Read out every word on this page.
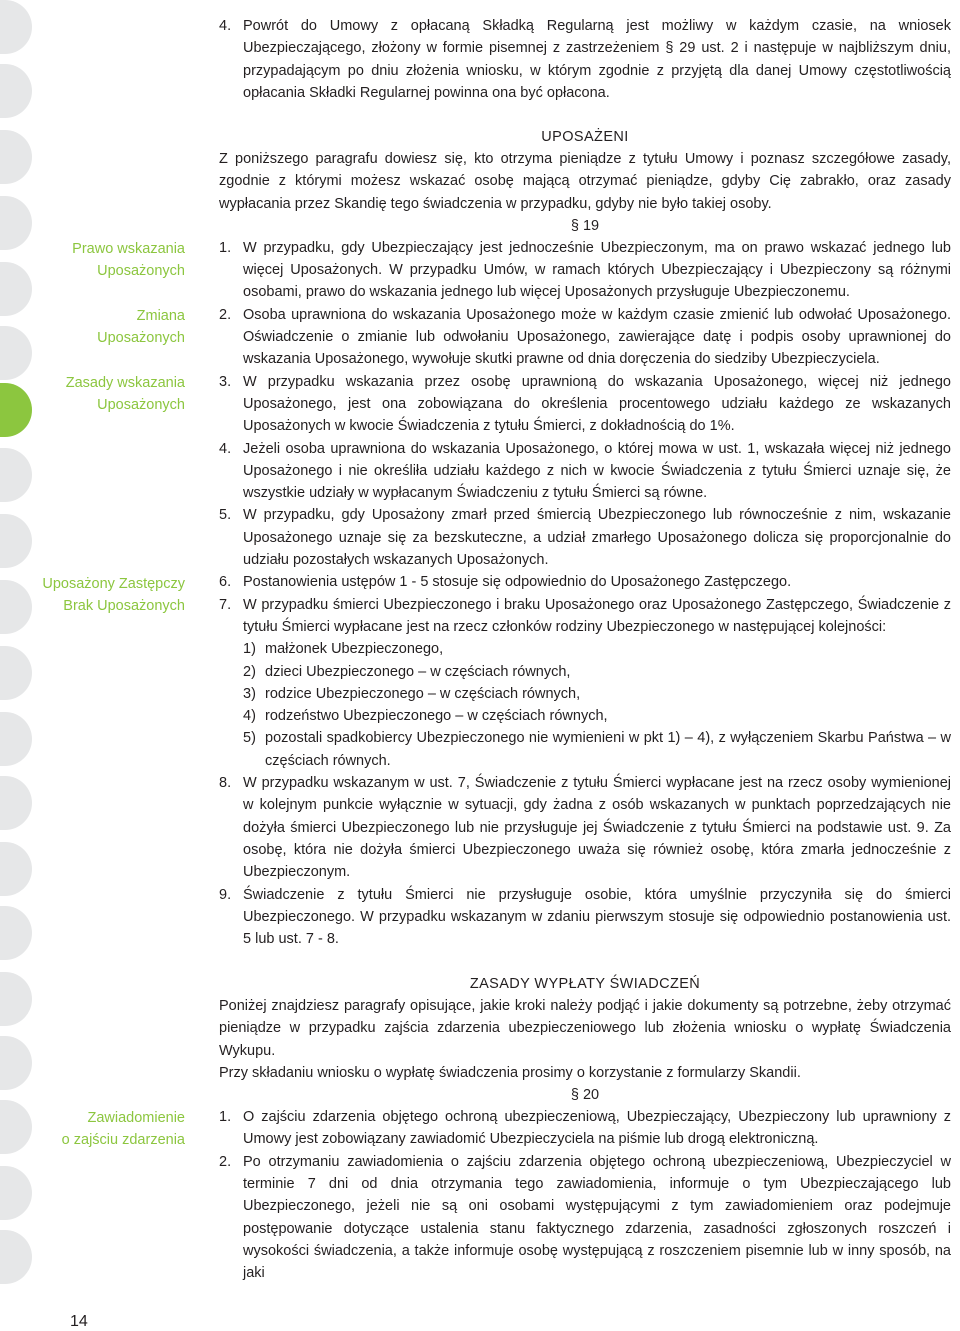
Prawo wskazania
Uposażonych
Zmiana
Uposażonych
Zasady wskazania
Uposażonych
Uposażony Zastępczy
Brak Uposażonych
Zawiadomienie
o zajściu zdarzenia

4. Powrót do Umowy z opłacaną Składką Regularną jest możliwy w każdym czasie, na wniosek Ubezpieczającego, złożony w formie pisemnej z zastrzeżeniem § 29 ust. 2 i następuje w najbliższym dniu, przypadającym po dniu złożenia wniosku, w którym zgodnie z przyjętą dla danej Umowy częstotliwością opłacania Składki Regularnej powinna ona być opłacona.

UPOSAŻENI

Z poniższego paragrafu dowiesz się, kto otrzyma pieniądze z tytułu Umowy i poznasz szczegółowe zasady, zgodnie z którymi możesz wskazać osobę mającą otrzymać pieniądze, gdyby Cię zabrakło, oraz zasady wypłacania przez Skandię tego świadczenia w przypadku, gdyby nie było takiej osoby.

§ 19

1. W przypadku, gdy Ubezpieczający jest jednocześnie Ubezpieczonym, ma on prawo wskazać jednego lub więcej Uposażonych. W przypadku Umów, w ramach których Ubezpieczający i Ubezpieczony są różnymi osobami, prawo do wskazania jednego lub więcej Uposażonych przysługuje Ubezpieczonemu.

2. Osoba uprawniona do wskazania Uposażonego może w każdym czasie zmienić lub odwołać Uposażonego. Oświadczenie o zmianie lub odwołaniu Uposażonego, zawierające datę i podpis osoby uprawnionej do wskazania Uposażonego, wywołuje skutki prawne od dnia doręczenia do siedziby Ubezpieczyciela.

3. W przypadku wskazania przez osobę uprawnioną do wskazania Uposażonego, więcej niż jednego Uposażonego, jest ona zobowiązana do określenia procentowego udziału każdego ze wskazanych Uposażonych w kwocie Świadczenia z tytułu Śmierci, z dokładnością do 1%.

4. Jeżeli osoba uprawniona do wskazania Uposażonego, o której mowa w ust. 1, wskazała więcej niż jednego Uposażonego i nie określiła udziału każdego z nich w kwocie Świadczenia z tytułu Śmierci uznaje się, że wszystkie udziały w wypłacanym Świadczeniu z tytułu Śmierci są równe.

5. W przypadku, gdy Uposażony zmarł przed śmiercią Ubezpieczonego lub równocześnie z nim, wskazanie Uposażonego uznaje się za bezskuteczne, a udział zmarłego Uposażonego dolicza się proporcjonalnie do udziału pozostałych wskazanych Uposażonych.

6. Postanowienia ustępów 1 - 5 stosuje się odpowiednio do Uposażonego Zastępczego.

7. W przypadku śmierci Ubezpieczonego i braku Uposażonego oraz Uposażonego Zastępczego, Świadczenie z tytułu Śmierci wypłacane jest na rzecz członków rodziny Ubezpieczonego w następującej kolejności:

1) małżonek Ubezpieczonego,

2) dzieci Ubezpieczonego – w częściach równych,

3) rodzice Ubezpieczonego – w częściach równych,

4) rodzeństwo Ubezpieczonego – w częściach równych,

5) pozostali spadkobiercy Ubezpieczonego nie wymienieni w pkt 1) – 4), z wyłączeniem Skarbu Państwa – w częściach równych.

8. W przypadku wskazanym w ust. 7, Świadczenie z tytułu Śmierci wypłacane jest na rzecz osoby wymienionej w kolejnym punkcie wyłącznie w sytuacji, gdy żadna z osób wskazanych w punktach poprzedzających nie dożyła śmierci Ubezpieczonego lub nie przysługuje jej Świadczenie z tytułu Śmierci na podstawie ust. 9. Za osobę, która nie dożyła śmierci Ubezpieczonego uważa się również osobę, która zmarła jednocześnie z Ubezpieczonym.

9. Świadczenie z tytułu Śmierci nie przysługuje osobie, która umyślnie przyczyniła się do śmierci Ubezpieczonego. W przypadku wskazanym w zdaniu pierwszym stosuje się odpowiednio postanowienia ust. 5 lub ust. 7 - 8.

ZASADY WYPŁATY ŚWIADCZEŃ

Poniżej znajdziesz paragrafy opisujące, jakie kroki należy podjąć i jakie dokumenty są potrzebne, żeby otrzymać pieniądze w przypadku zajścia zdarzenia ubezpieczeniowego lub złożenia wniosku o wypłatę Świadczenia Wykupu.

Przy składaniu wniosku o wypłatę świadczenia prosimy o korzystanie z formularzy Skandii.

§ 20

1. O zajściu zdarzenia objętego ochroną ubezpieczeniową, Ubezpieczający, Ubezpieczony lub uprawniony z Umowy jest zobowiązany zawiadomić Ubezpieczyciela na piśmie lub drogą elektroniczną.

2. Po otrzymaniu zawiadomienia o zajściu zdarzenia objętego ochroną ubezpieczeniową, Ubezpieczyciel w terminie 7 dni od dnia otrzymania tego zawiadomienia, informuje o tym Ubezpieczającego lub Ubezpieczonego, jeżeli nie są oni osobami występującymi z tym zawiadomieniem oraz podejmuje postępowanie dotyczące ustalenia stanu faktycznego zdarzenia, zasadności zgłoszonych roszczeń i wysokości świadczenia, a także informuje osobę występującą z roszczeniem pisemnie lub w inny sposób, na jaki

14
